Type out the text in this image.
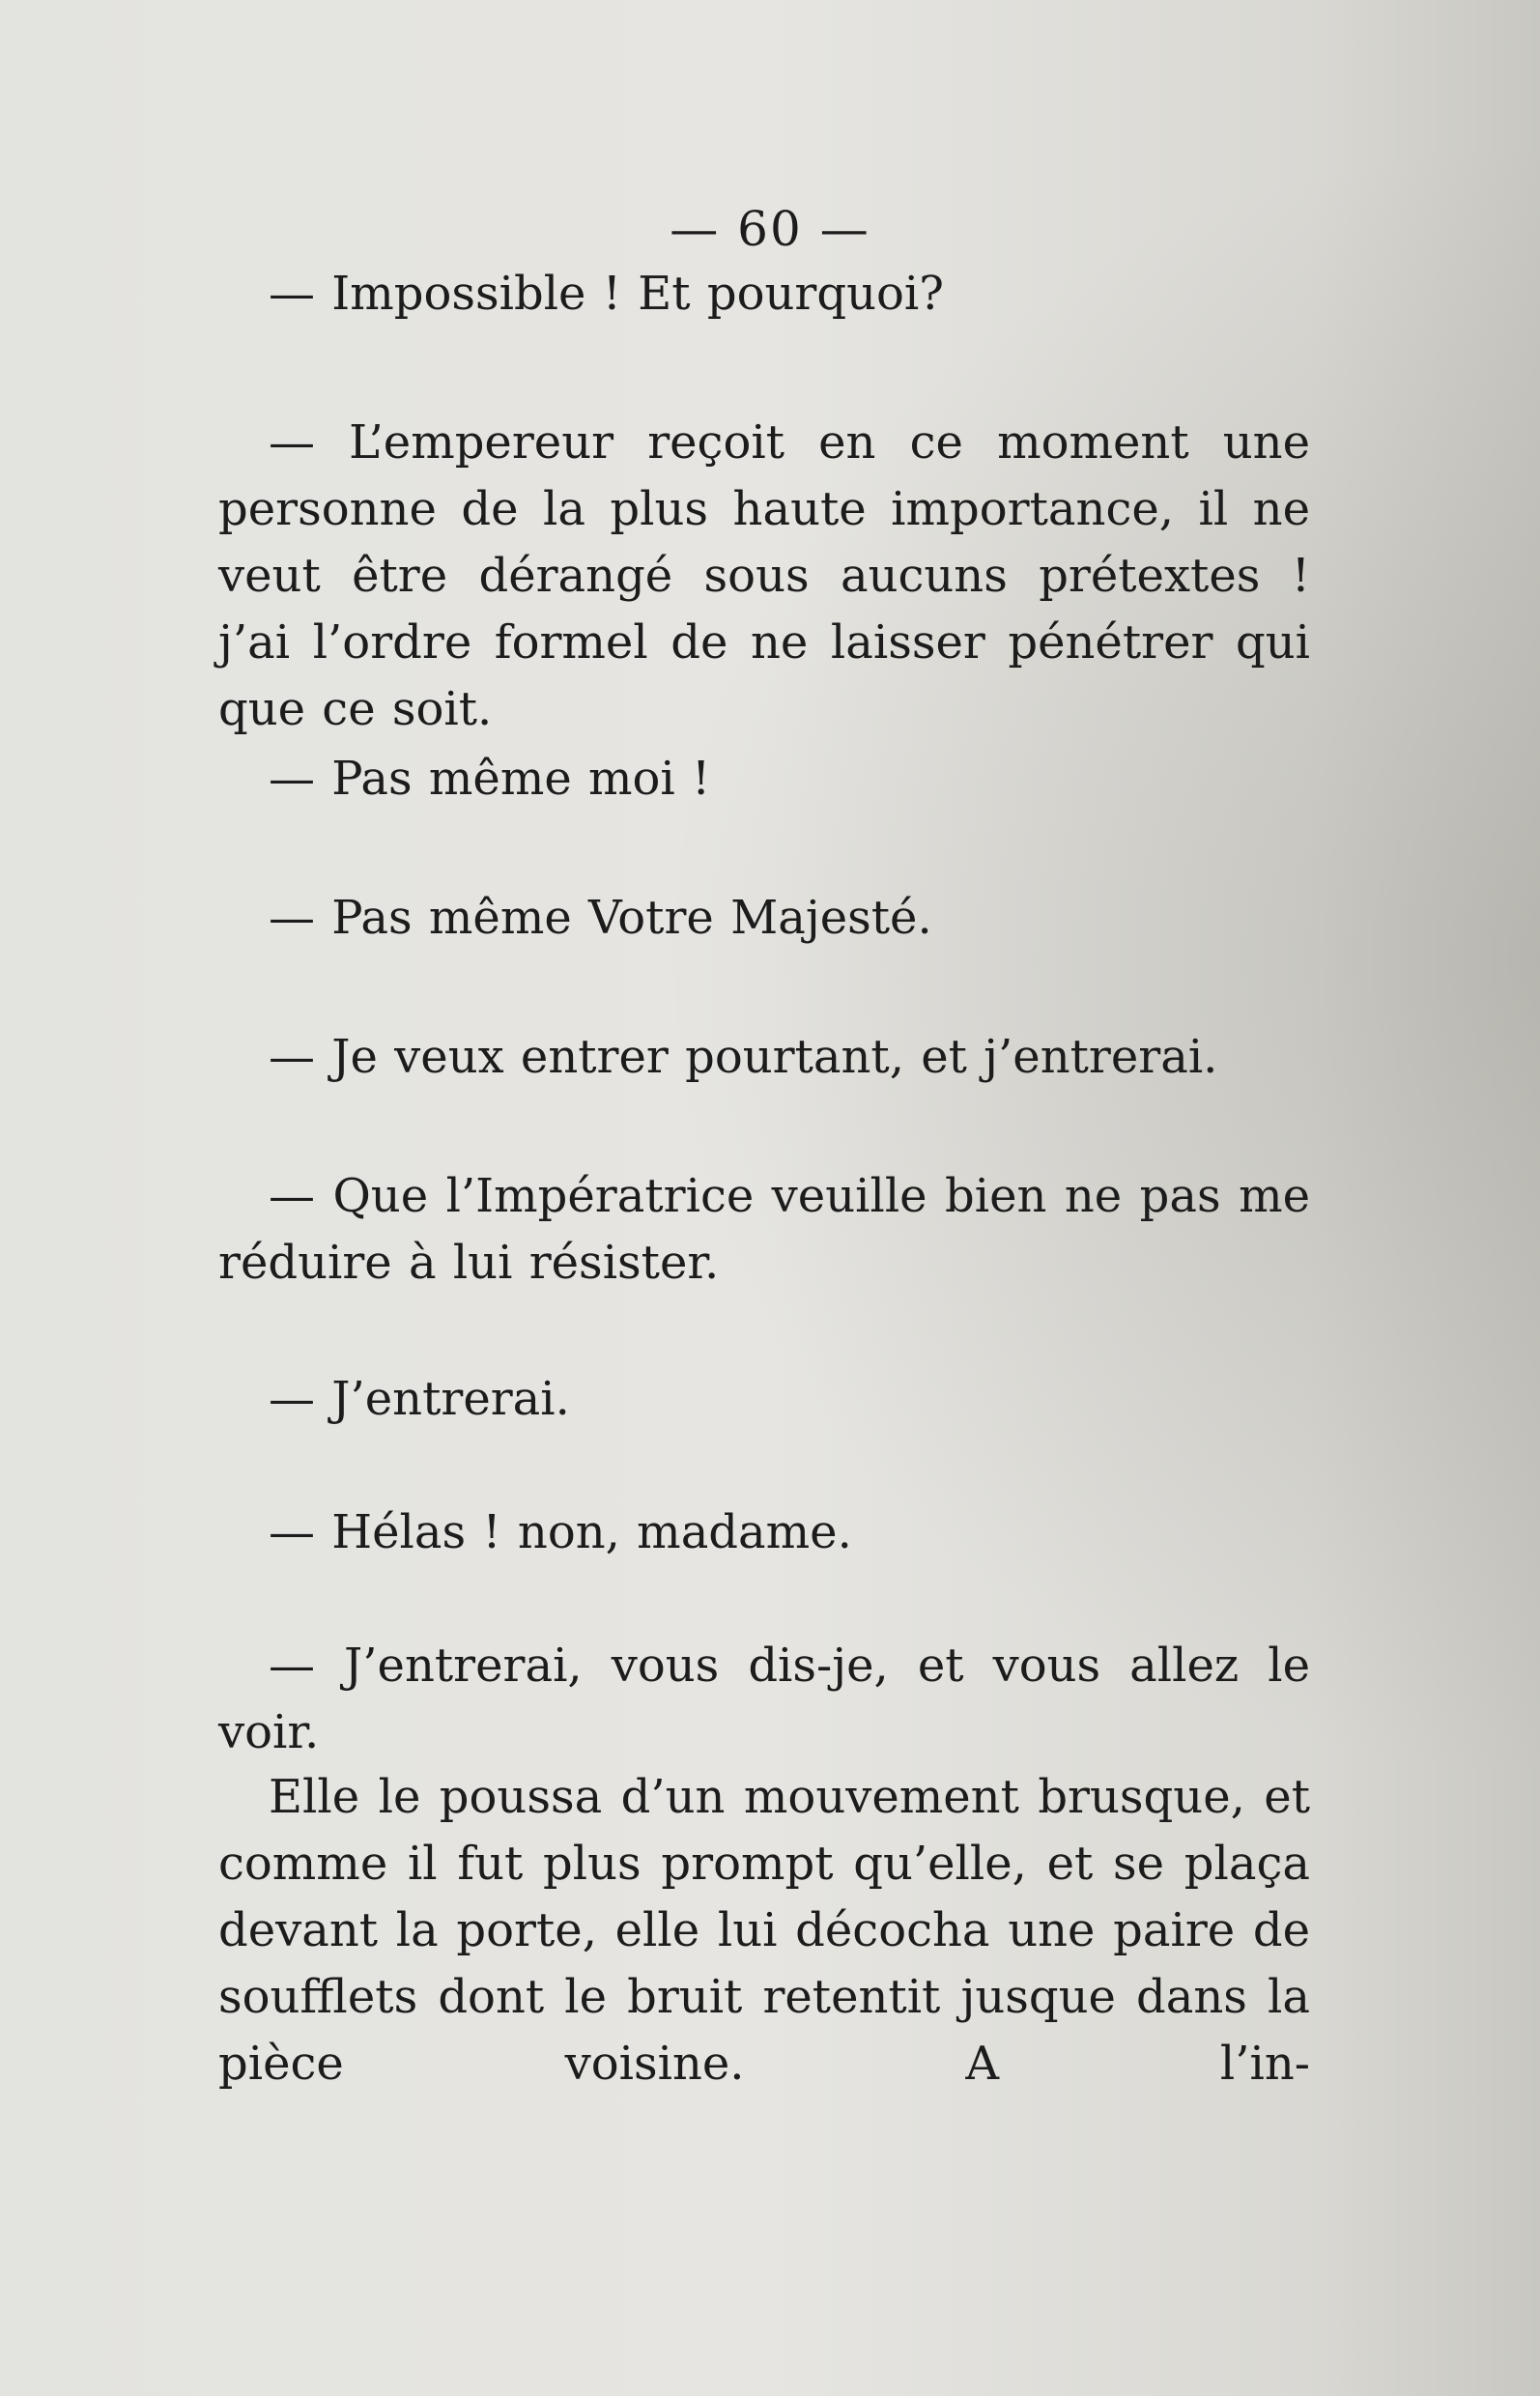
— 60 —

— Impossible ! Et pourquoi?

— L’empereur reçoit en ce moment une personne de la plus haute importance, il ne veut être dérangé sous aucuns prétextes ! j’ai l’ordre formel de ne laisser pénétrer qui que ce soit.

— Pas même moi !

— Pas même Votre Majesté.

— Je veux entrer pourtant, et j’entrerai.

— Que l’Impératrice veuille bien ne pas me réduire à lui résister.

— J’entrerai.

— Hélas ! non, madame.

— J’entrerai, vous dis-je, et vous allez le voir.

Elle le poussa d’un mouvement brusque, et comme il fut plus prompt qu’elle, et se plaça devant la porte, elle lui décocha une paire de soufflets dont le bruit retentit jusque dans la pièce voisine. A l’in-
